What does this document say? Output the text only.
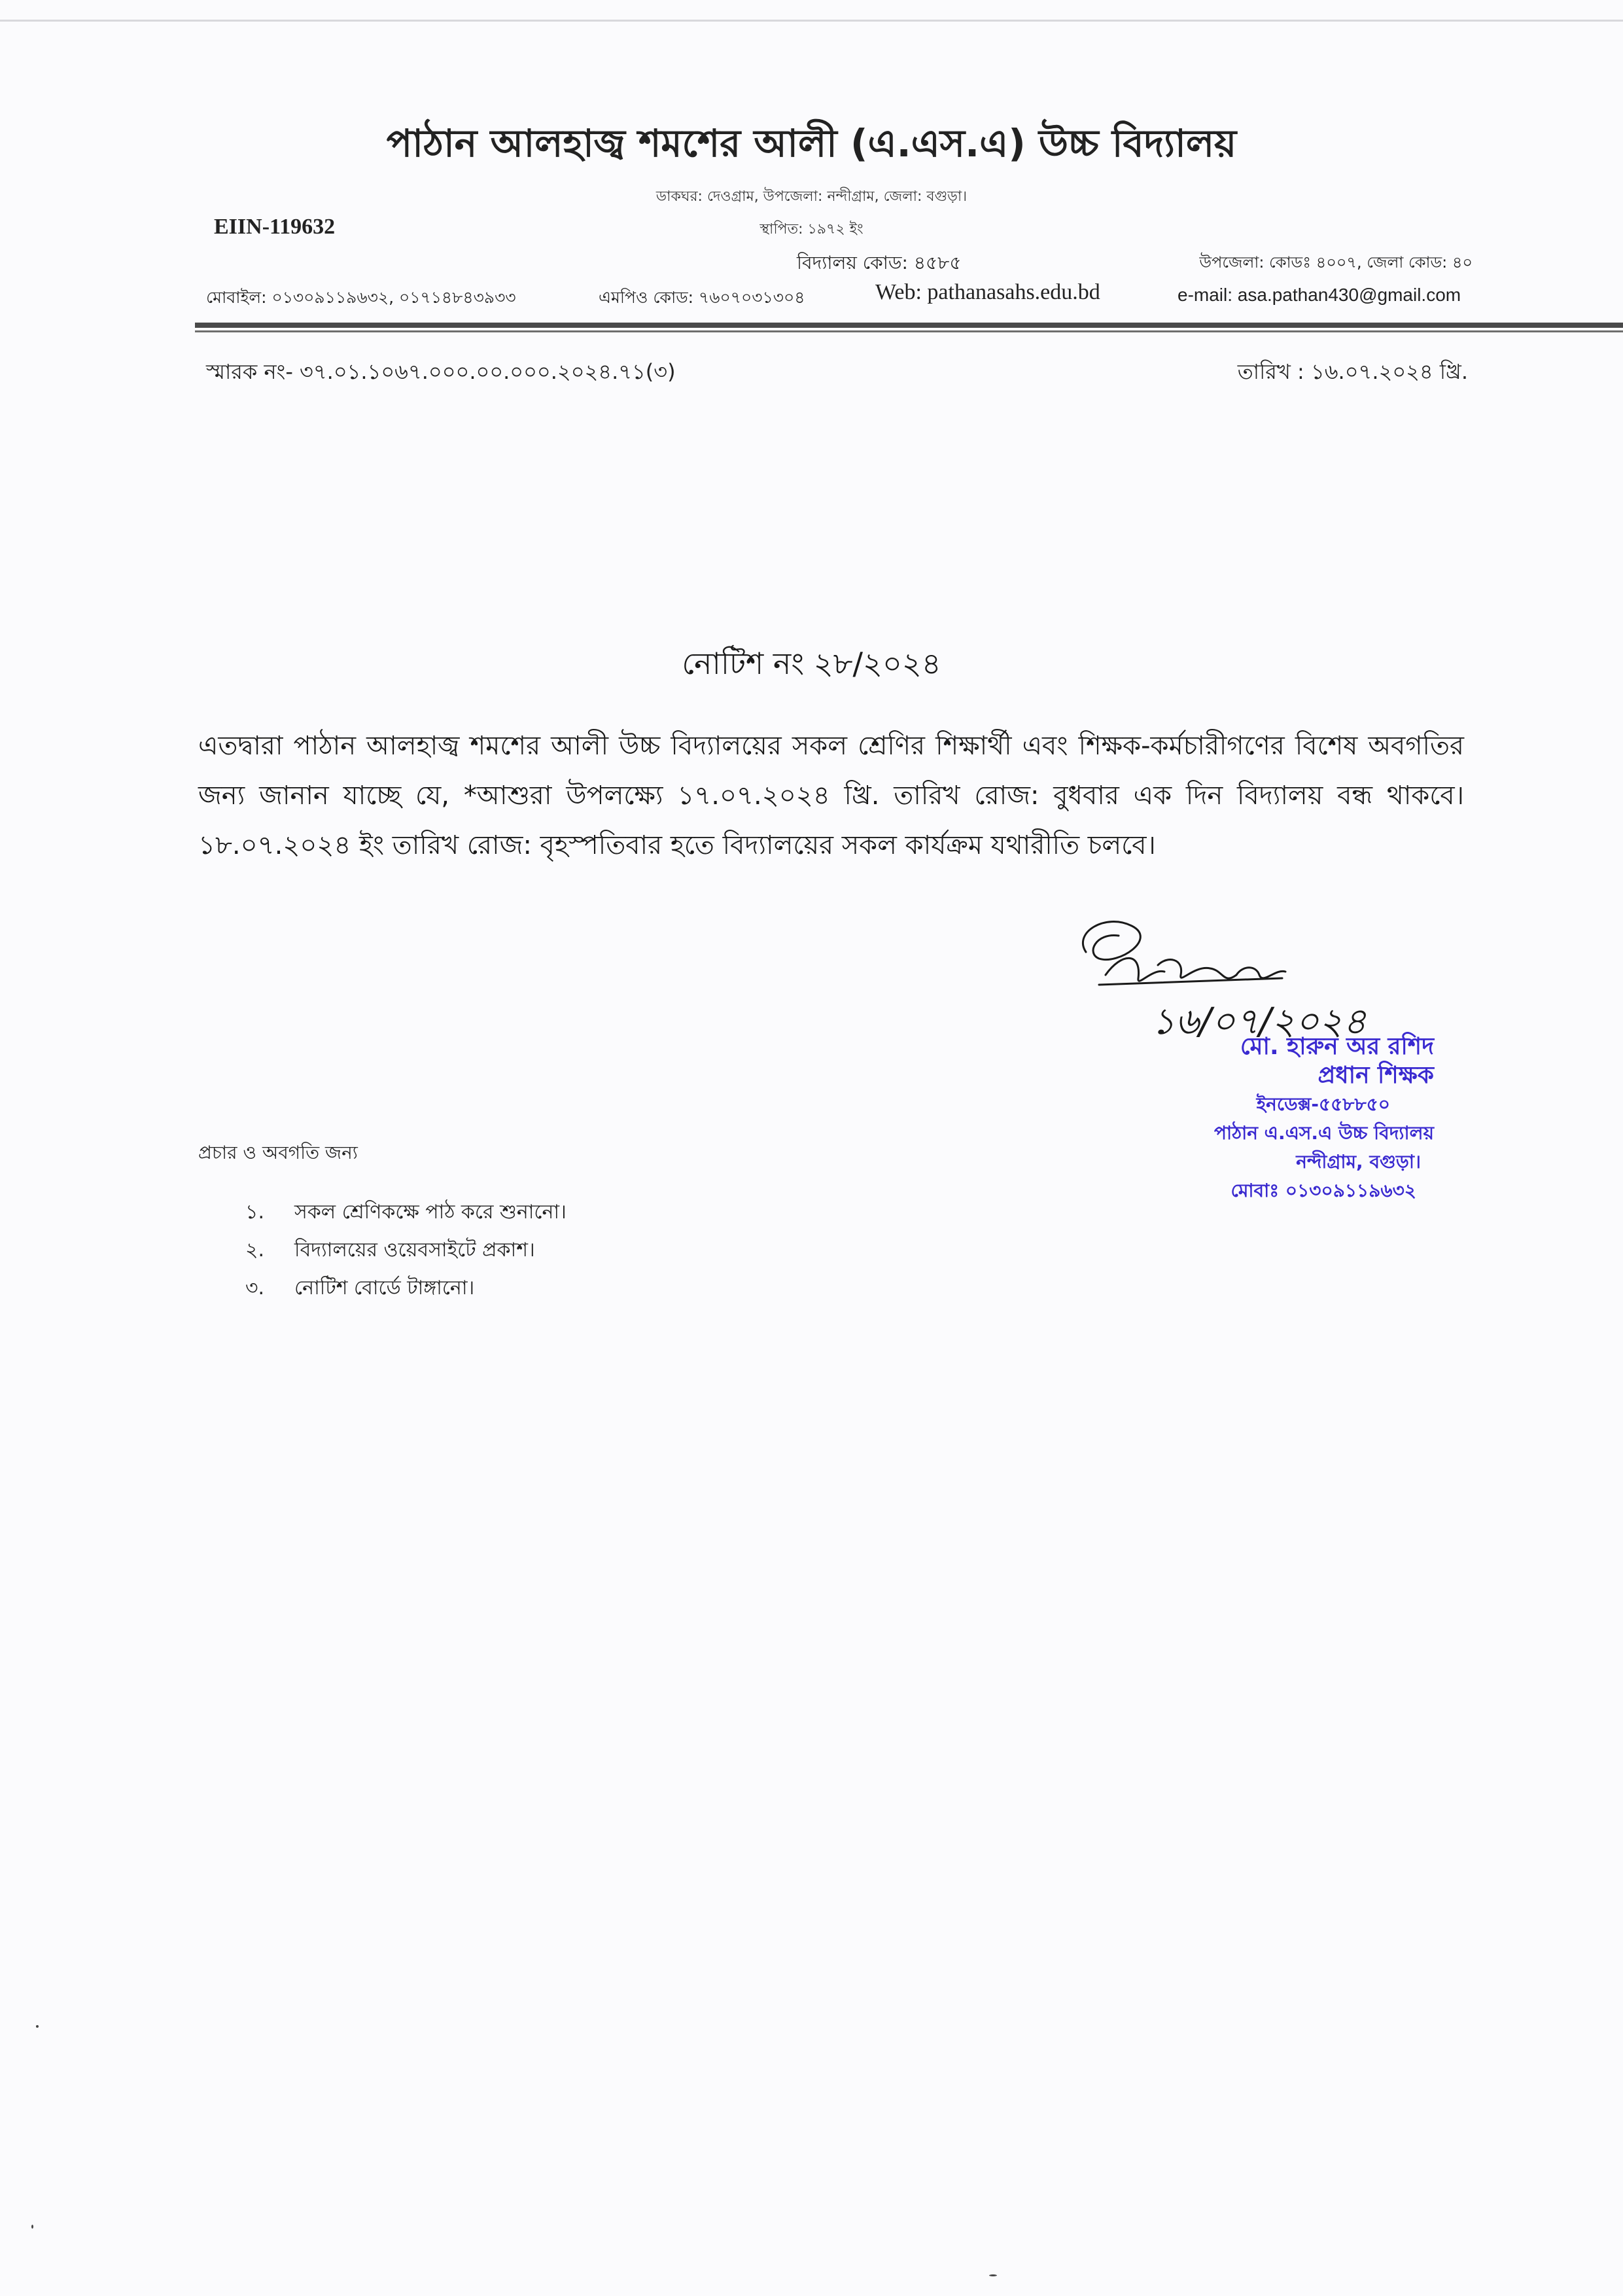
পাঠান আলহাজ্ব শমশের আলী (এ.এস.এ) উচ্চ বিদ্যালয়
ডাকঘর: দেওগ্রাম, উপজেলা: নন্দীগ্রাম, জেলা: বগুড়া।
স্থাপিত: ১৯৭২ ইং
EIIN-119632
বিদ্যালয় কোড: ৪৫৮৫	উপজেলা: কোডঃ ৪০০৭, জেলা কোড: ৪০
মোবাইল: ০১৩০৯১১৯৬৩২, ০১৭১৪৮৪৩৯৩৩	এমপিও কোড: ৭৬০৭০৩১৩০৪	Web: pathanasahs.edu.bd	e-mail: asa.pathan430@gmail.com
স্মারক নং- ৩৭.০১.১০৬৭.০০০.০০.০০০.২০২৪.৭১(৩)	তারিখ : ১৬.০৭.২০২৪ খ্রি.
নোটিশ নং ২৮/২০২৪
এতদ্বারা পাঠান আলহাজ্ব শমশের আলী উচ্চ বিদ্যালয়ের সকল শ্রেণির শিক্ষার্থী এবং শিক্ষক-কর্মচারীগণের বিশেষ অবগতির জন্য জানান যাচ্ছে যে, *আশুরা উপলক্ষ্যে ১৭.০৭.২০২৪ খ্রি. তারিখ রোজ: বুধবার এক দিন বিদ্যালয় বন্ধ থাকবে। ১৮.০৭.২০২৪ ইং তারিখ রোজ: বৃহস্পতিবার হতে বিদ্যালয়ের সকল কার্যক্রম যথারীতি চলবে।
১৬/০৭/২০২৪
মো. হারুন অর রশিদ
প্রধান শিক্ষক
ইনডেক্স-৫৫৮৮৫০
পাঠান এ.এস.এ উচ্চ বিদ্যালয়
নন্দীগ্রাম, বগুড়া।
মোবাঃ ০১৩০৯১১৯৬৩২
প্রচার ও অবগতি জন্য
১.	সকল শ্রেণিকক্ষে পাঠ করে শুনানো।
২.	বিদ্যালয়ের ওয়েবসাইটে প্রকাশ।
৩.	নোটিশ বোর্ডে টাঙ্গানো।
